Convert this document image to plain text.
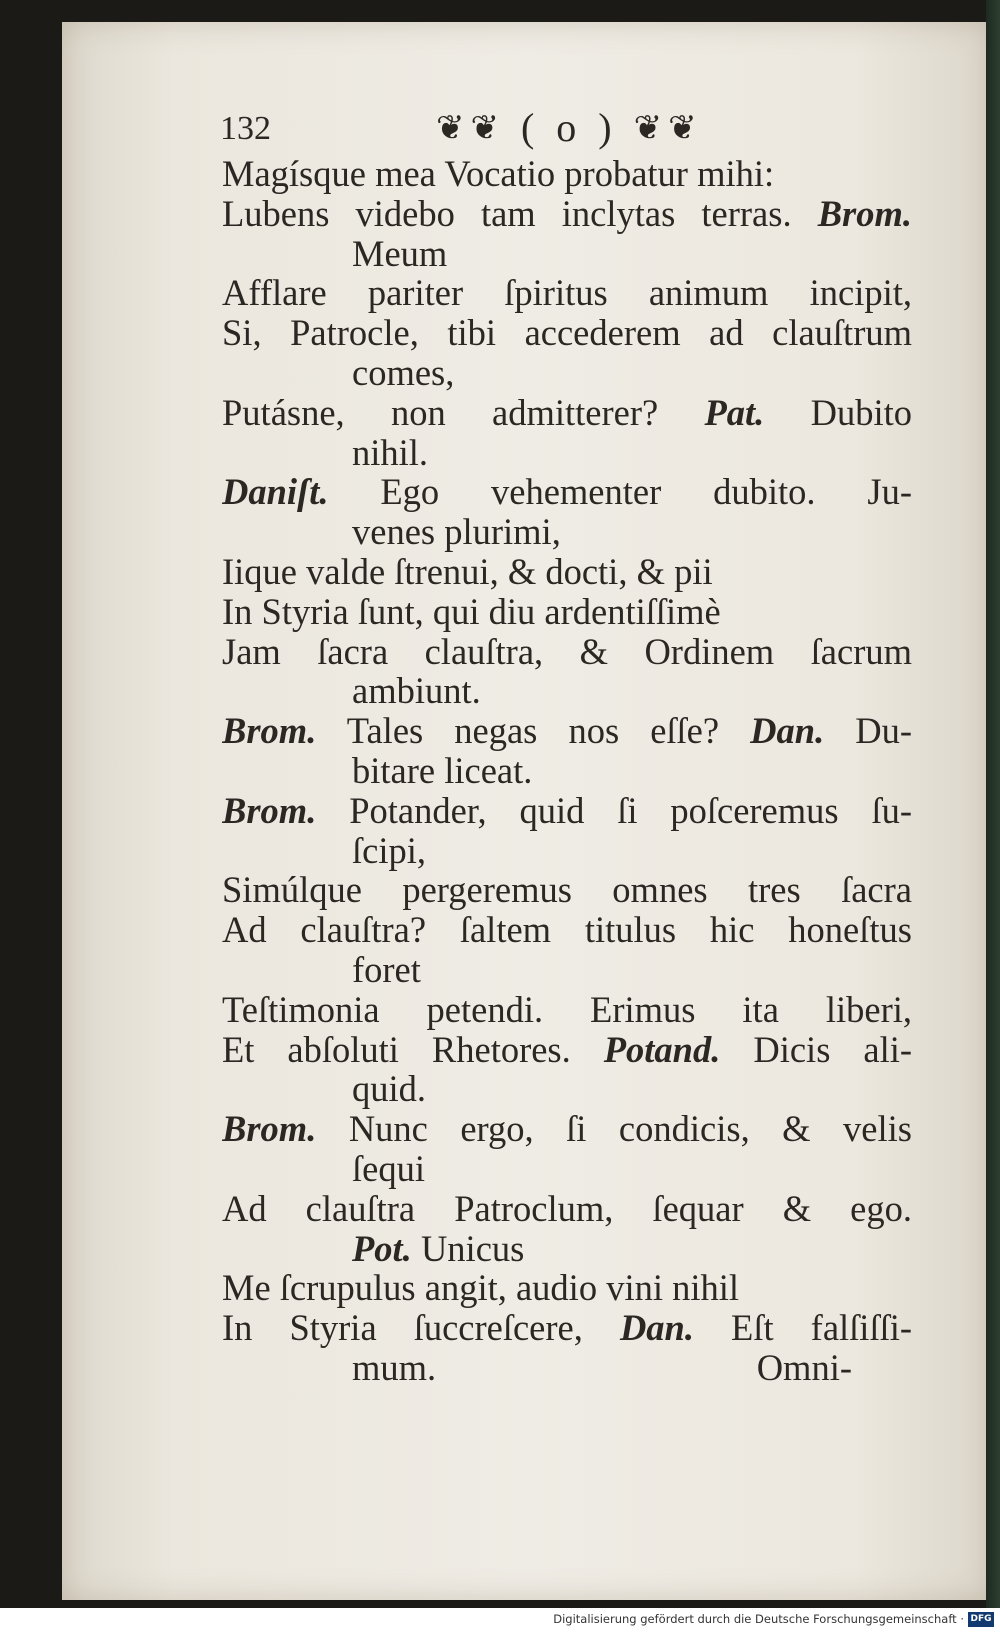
132	❦❦ ( o ) ❦❦
Magísque mea Vocatio probatur mihi:
Lubens videbo tam inclytas terras. Brom.
Meum
Afflare pariter ſpiritus animum incipit,
Si, Patrocle, tibi accederem ad clauſtrum
comes,
Putásne, non admitterer? Pat. Dubito
nihil.
Daniſt. Ego vehementer dubito. Ju-
venes plurimi,
Iique valde ſtrenui, & docti, & pii
In Styria ſunt, qui diu ardentiſſimè
Jam ſacra clauſtra, & Ordinem ſacrum
ambiunt.
Brom. Tales negas nos eſſe? Dan. Du-
bitare liceat.
Brom. Potander, quid ſi poſceremus ſu-
ſcipi,
Simúlque pergeremus omnes tres ſacra
Ad clauſtra? ſaltem titulus hic honeſtus
foret
Teſtimonia petendi. Erimus ita liberi,
Et abſoluti Rhetores. Potand. Dicis ali-
quid.
Brom. Nunc ergo, ſi condicis, & velis
ſequi
Ad clauſtra Patroclum, ſequar & ego.
Pot. Unicus
Me ſcrupulus angit, audio vini nihil
In Styria ſuccreſcere, Dan. Eſt falſiſſi-
mum.	Omni-
Digitalisierung gefördert durch die Deutsche Forschungsgemeinschaft · DFG
